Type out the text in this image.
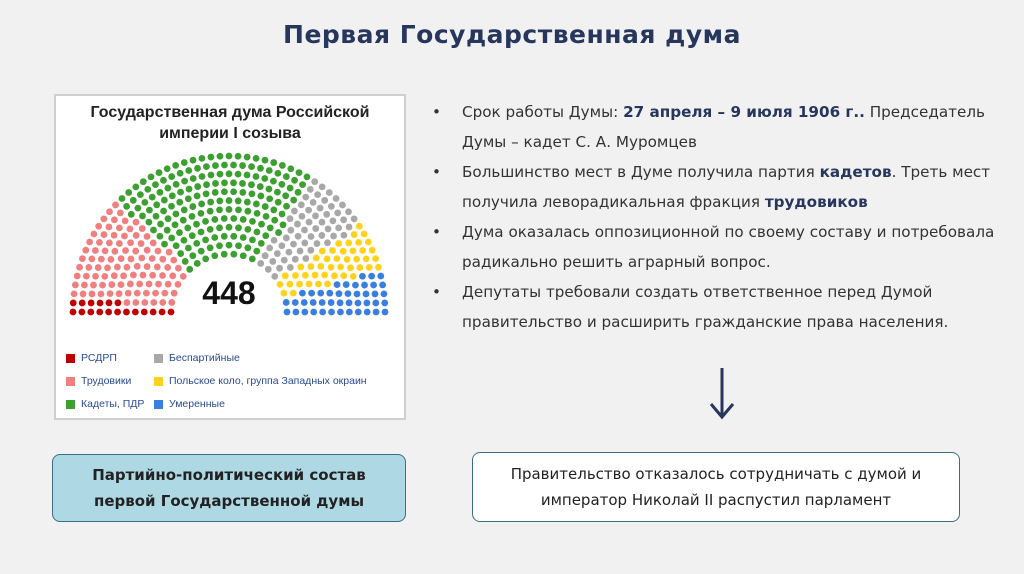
Первая Государственная дума
Государственная дума Российской
империи I созыва
448
РСДРП
Трудовики
Кадеты, ПДР
Беспартийные
Польское коло, группа Западных окраин
Умеренные
• Срок работы Думы: 27 апреля – 9 июля 1906 г.. Председатель Думы – кадет С. А. Муромцев
• Большинство мест в Думе получила партия кадетов. Треть мест получила леворадикальная фракция трудовиков
• Дума оказалась оппозиционной по своему составу и потребовала радикально решить аграрный вопрос.
• Депутаты требовали создать ответственное перед Думой правительство и расширить гражданские права населения.
Партийно-политический состав
первой Государственной думы
Правительство отказалось сотрудничать с думой и
император Николай II распустил парламент
